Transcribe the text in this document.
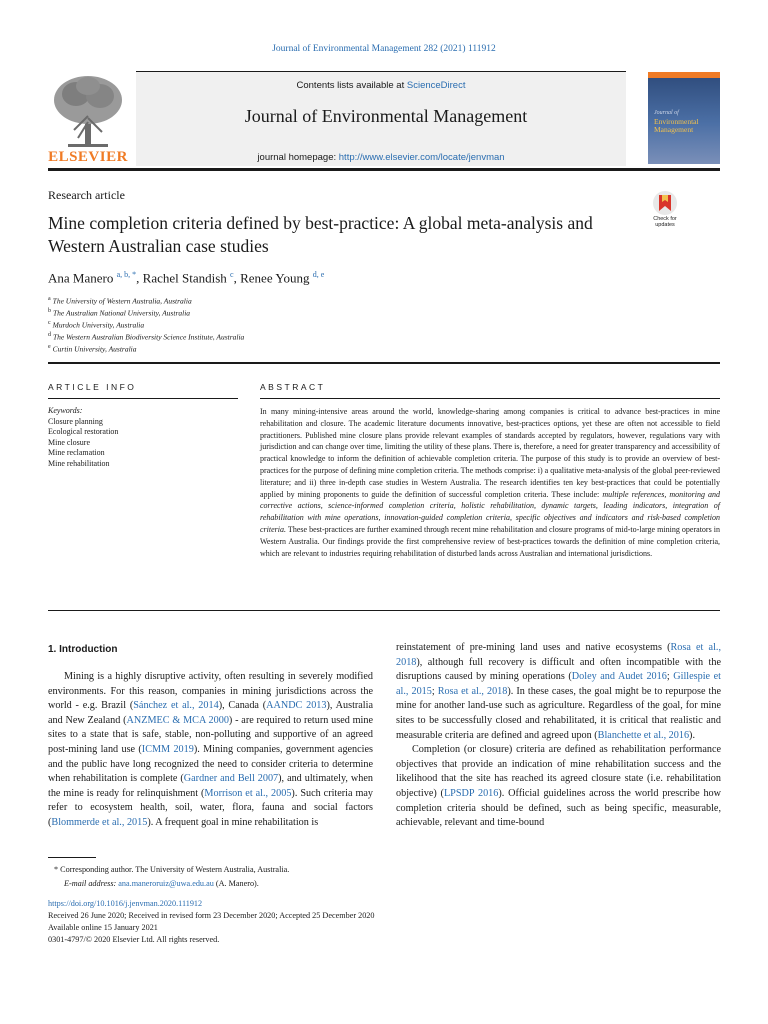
Journal of Environmental Management 282 (2021) 111912
ELSEVIER
Contents lists available at ScienceDirect
Journal of Environmental Management
journal homepage: http://www.elsevier.com/locate/jenvman
Journal of
Environmental Management
Research article
Mine completion criteria defined by best-practice: A global meta-analysis and Western Australian case studies
Check for updates
Ana Manero $^{a, b, *}$, Rachel Standish $^c$, Renee Young $^{d, e}$
$^a$ The University of Western Australia, Australia
$^b$ The Australian National University, Australia
$^c$ Murdoch University, Australia
$^d$ The Western Australian Biodiversity Science Institute, Australia
$^e$ Curtin University, Australia
ARTICLE INFO	ABSTRACT
Keywords:
Closure planning
Ecological restoration
Mine closure
Mine reclamation
Mine rehabilitation
In many mining-intensive areas around the world, knowledge-sharing among companies is critical to advance best-practices in mine rehabilitation and closure. The academic literature documents innovative, best-practices options, yet these are often not accessible to field practitioners. Published mine closure plans provide relevant examples of standards accepted by regulators, however, regulations vary with jurisdiction and can change over time, limiting the utility of these plans. There is, therefore, a need for greater transparency and accessibility of practical knowledge to inform the definition of achievable completion criteria. The purpose of this study is to provide an overview of best-practices for the purpose of defining mine completion criteria. The methods comprise: i) a qualitative meta-analysis of the global peer-reviewed literature; and ii) three in-depth case studies in Western Australia. The research identifies ten key best-practices that could be potentially applied by mining proponents to guide the definition of successful completion criteria. These include: multiple references, monitoring and corrective actions, science-informed completion criteria, holistic rehabilitation, dynamic targets, leading indicators, integration of rehabilitation with mine operations, innovation-guided completion criteria, specific objectives and indicators and risk-based completion criteria. These best-practices are further examined through recent mine rehabilitation and closure programs of mid-to-large mining operators in Western Australia. Our findings provide the first comprehensive review of best-practices towards the definition of mine completion criteria, which are relevant to industries requiring rehabilitation of disturbed lands across Australian and international jurisdictions.
1. Introduction

Mining is a highly disruptive activity, often resulting in severely modified environments. For this reason, companies in mining jurisdictions across the world - e.g. Brazil (Sánchez et al., 2014), Canada (AANDC 2013), Australia and New Zealand (ANZMEC & MCA 2000) - are required to return used mine sites to a state that is safe, stable, non-polluting and supportive of an agreed post-mining land use (ICMM 2019). Mining companies, government agencies and the public have long recognized the need to consider criteria to determine when rehabilitation is complete (Gardner and Bell 2007), and ultimately, when the mine is ready for relinquishment (Morrison et al., 2005). Such criteria may refer to ecosystem health, soil, water, flora, fauna and social factors (Blommerde et al., 2015). A frequent goal in mine rehabilitation is

reinstatement of pre-mining land uses and native ecosystems (Rosa et al., 2018), although full recovery is difficult and often incompatible with the disruptions caused by mining operations (Doley and Audet 2016; Gillespie et al., 2015; Rosa et al., 2018). In these cases, the goal might be to repurpose the mine for another land-use such as agriculture. Regardless of the goal, for mine sites to be successfully closed and rehabilitated, it is critical that realistic and measurable criteria are defined and agreed upon (Blanchette et al., 2016).

Completion (or closure) criteria are defined as rehabilitation performance objectives that provide an indication of mine rehabilitation success and the likelihood that the site has reached its agreed closure state (i.e. rehabilitation objective) (LPSDP 2016). Official guidelines across the world prescribe how completion criteria should be defined, such as being specific, measurable, achievable, relevant and time-bound

* Corresponding author. The University of Western Australia, Australia.
E-mail address: ana.maneroruiz@uwa.edu.au (A. Manero).
https://doi.org/10.1016/j.jenvman.2020.111912
Received 26 June 2020; Received in revised form 23 December 2020; Accepted 25 December 2020
Available online 15 January 2021
0301-4797/© 2020 Elsevier Ltd. All rights reserved.
